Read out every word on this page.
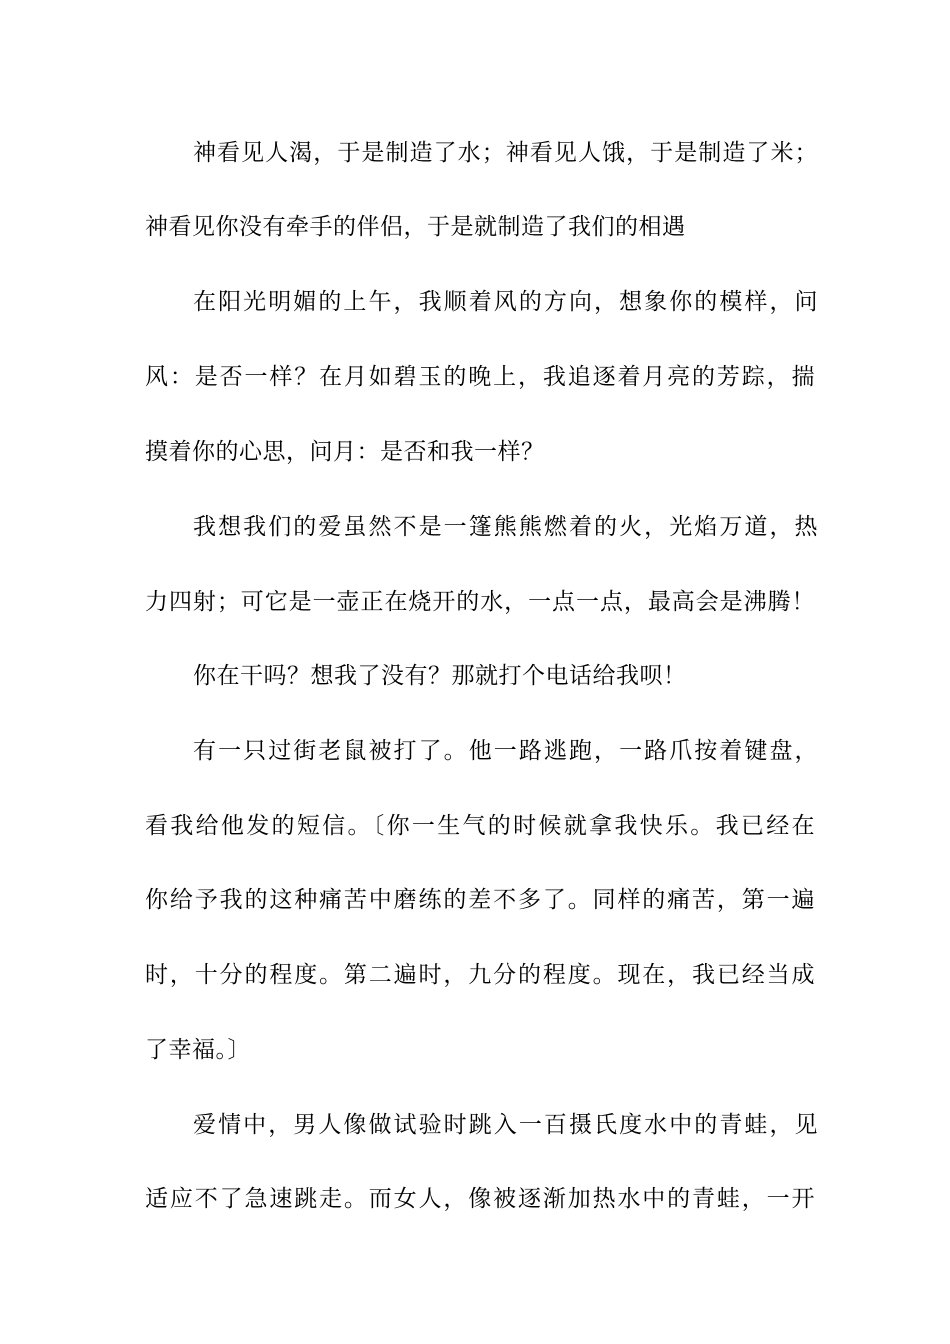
神看见人渴，于是制造了水；神看见人饿，于是制造了米；
神看见你没有牵手的伴侣，于是就制造了我们的相遇
在阳光明媚的上午，我顺着风的方向，想象你的模样，问
风：是否一样？在月如碧玉的晚上，我追逐着月亮的芳踪，揣
摸着你的心思，问月：是否和我一样？
我想我们的爱虽然不是一篷熊熊燃着的火，光焰万道，热
力四射；可它是一壶正在烧开的水，一点一点，最高会是沸腾！
你在干吗？想我了没有？那就打个电话给我呗！
有一只过街老鼠被打了。他一路逃跑，一路爪按着键盘，
看我给他发的短信。〔你一生气的时候就拿我快乐。我已经在
你给予我的这种痛苦中磨练的差不多了。同样的痛苦，第一遍
时，十分的程度。第二遍时，九分的程度。现在，我已经当成
了幸福。〕
爱情中，男人像做试验时跳入一百摄氏度水中的青蛙，见
适应不了急速跳走。而女人，像被逐渐加热水中的青蛙，一开
